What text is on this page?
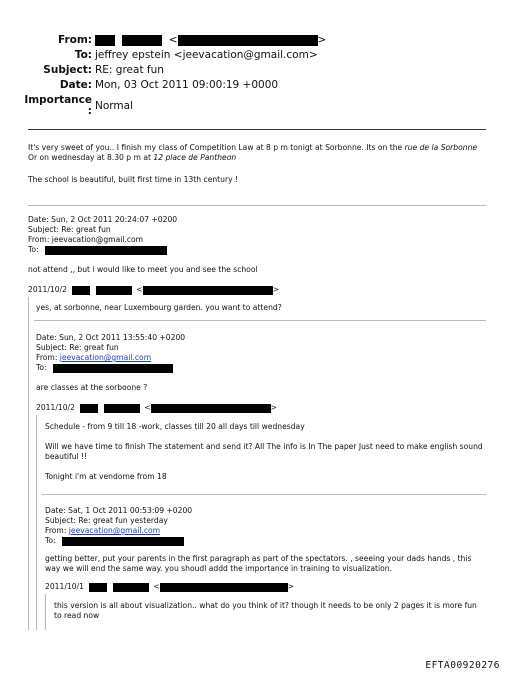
From:	<	>
To: jeffrey epstein <jeevacation@gmail.com>
Subject: RE: great fun
Date: Mon, 03 Oct 2011 09:00:19 +0000
Importance Normal
:
It's very sweet of you.. I finish my class of Competition Law at 8 p m tonigt at Sorbonne. Its on the rue de la Sorbonne
Or on wednesday at 8.30 p m at 12 place de Pantheon
The school is beautiful, built first time in 13th century !
Date: Sun, 2 Oct 2011 20:24:07 +0200
Subject: Re: great fun
From: jeevacation@gmail.com
To:
not attend ,, but i would like to meet you and see the school
2011/10/2	<	>
yes, at sorbonne, near Luxembourg garden. you want to attend?
Date: Sun, 2 Oct 2011 13:55:40 +0200
Subject: Re: great fun
From: jeevacation@gmail.com
To:
are classes at the sorboone ?
2011/10/2	<	>
Schedule - from 9 till 18 -work, classes till 20 all days till wednesday
Will we have time to finish The statement and send it? All The info is In The paper Just need to make english sound
beautiful !!
Tonight i'm at vendome from 18
Date: Sat, 1 Oct 2011 00:53:09 +0200
Subject: Re: great fun yesterday
From: jeevacation@gmail.com
To:
getting better, put your parents in the first paragraph as part of the spectators. , seeeing your dads hands , this
way we will end the same way. you shoudl addd the importance in training to visualization.
2011/10/1	<	>
this version is all about visualization.. what do you think of it? though it needs to be only 2 pages it is more fun
to read now
EFTA00920276
